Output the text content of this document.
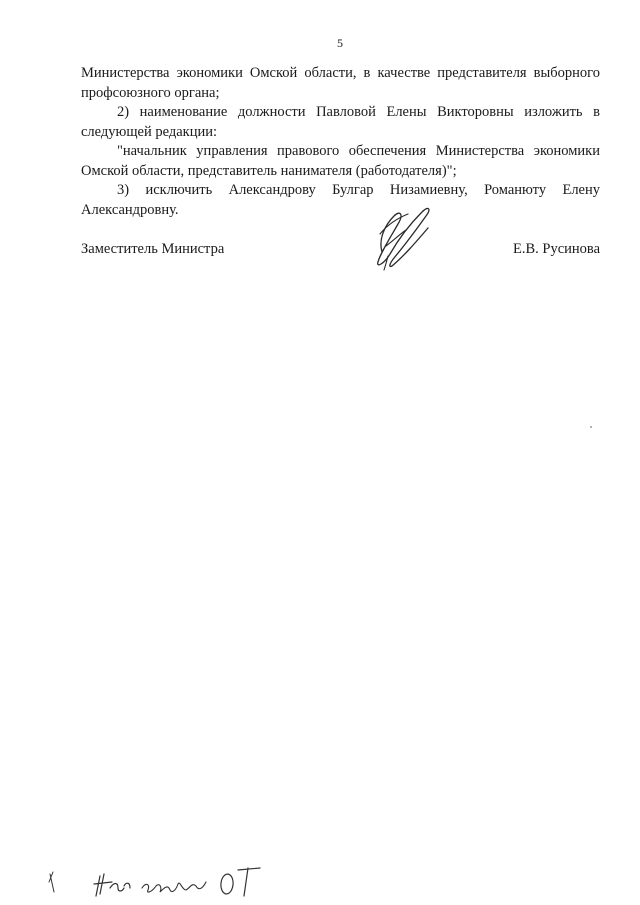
5

Министерства экономики Омской области, в качестве представителя выборного

профсоюзного органа;

2) наименование должности Павловой Елены Викторовны изложить в следующей редакции:

"начальник управления правового обеспечения Министерства экономики Омской области, представитель нанимателя (работодателя)";

3) исключить Александрову Булгар Низамиевну, Романюту Елену Александровну.

Заместитель Министра	Е.В. Русинова
